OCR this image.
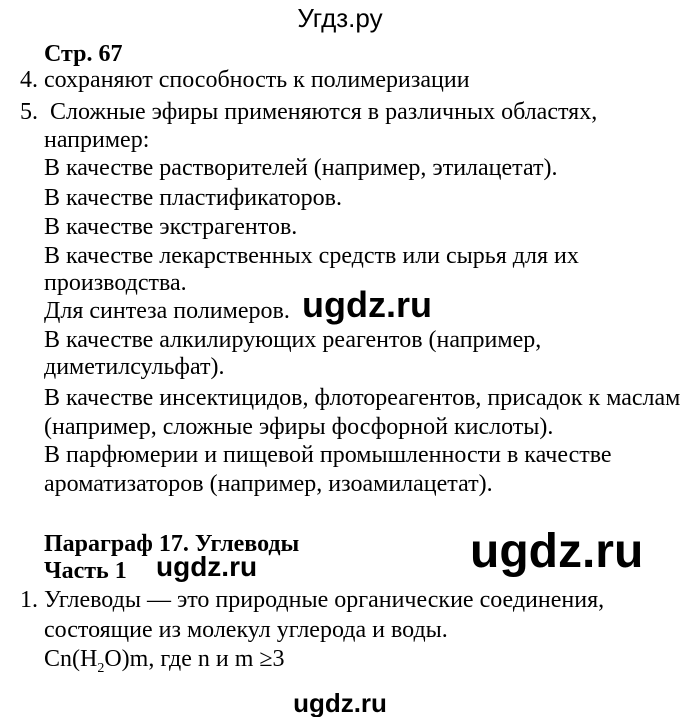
Угдз.ру
Стр. 67
4. сохраняют способность к полимеризации
5. Сложные эфиры применяются в различных областях,
например:
В качестве растворителей (например, этилацетат).
В качестве пластификаторов.
В качестве экстрагентов.
В качестве лекарственных средств или сырья для их
производства.
Для синтеза полимеров.
В качестве алкилирующих реагентов (например,
диметилсульфат).
В качестве инсектицидов, флотореагентов, присадок к маслам
(например, сложные эфиры фосфорной кислоты).
В парфюмерии и пищевой промышленности в качестве
ароматизаторов (например, изоамилацетат).
Параграф 17. Углеводы
Часть 1
1. Углеводы — это природные органические соединения,
состоящие из молекул углерода и воды.
$Cn(H_2O)m$, где n и m ≥3
ugdz.ru
ugdz.ru	ugdz.ru
ugdz.ru
